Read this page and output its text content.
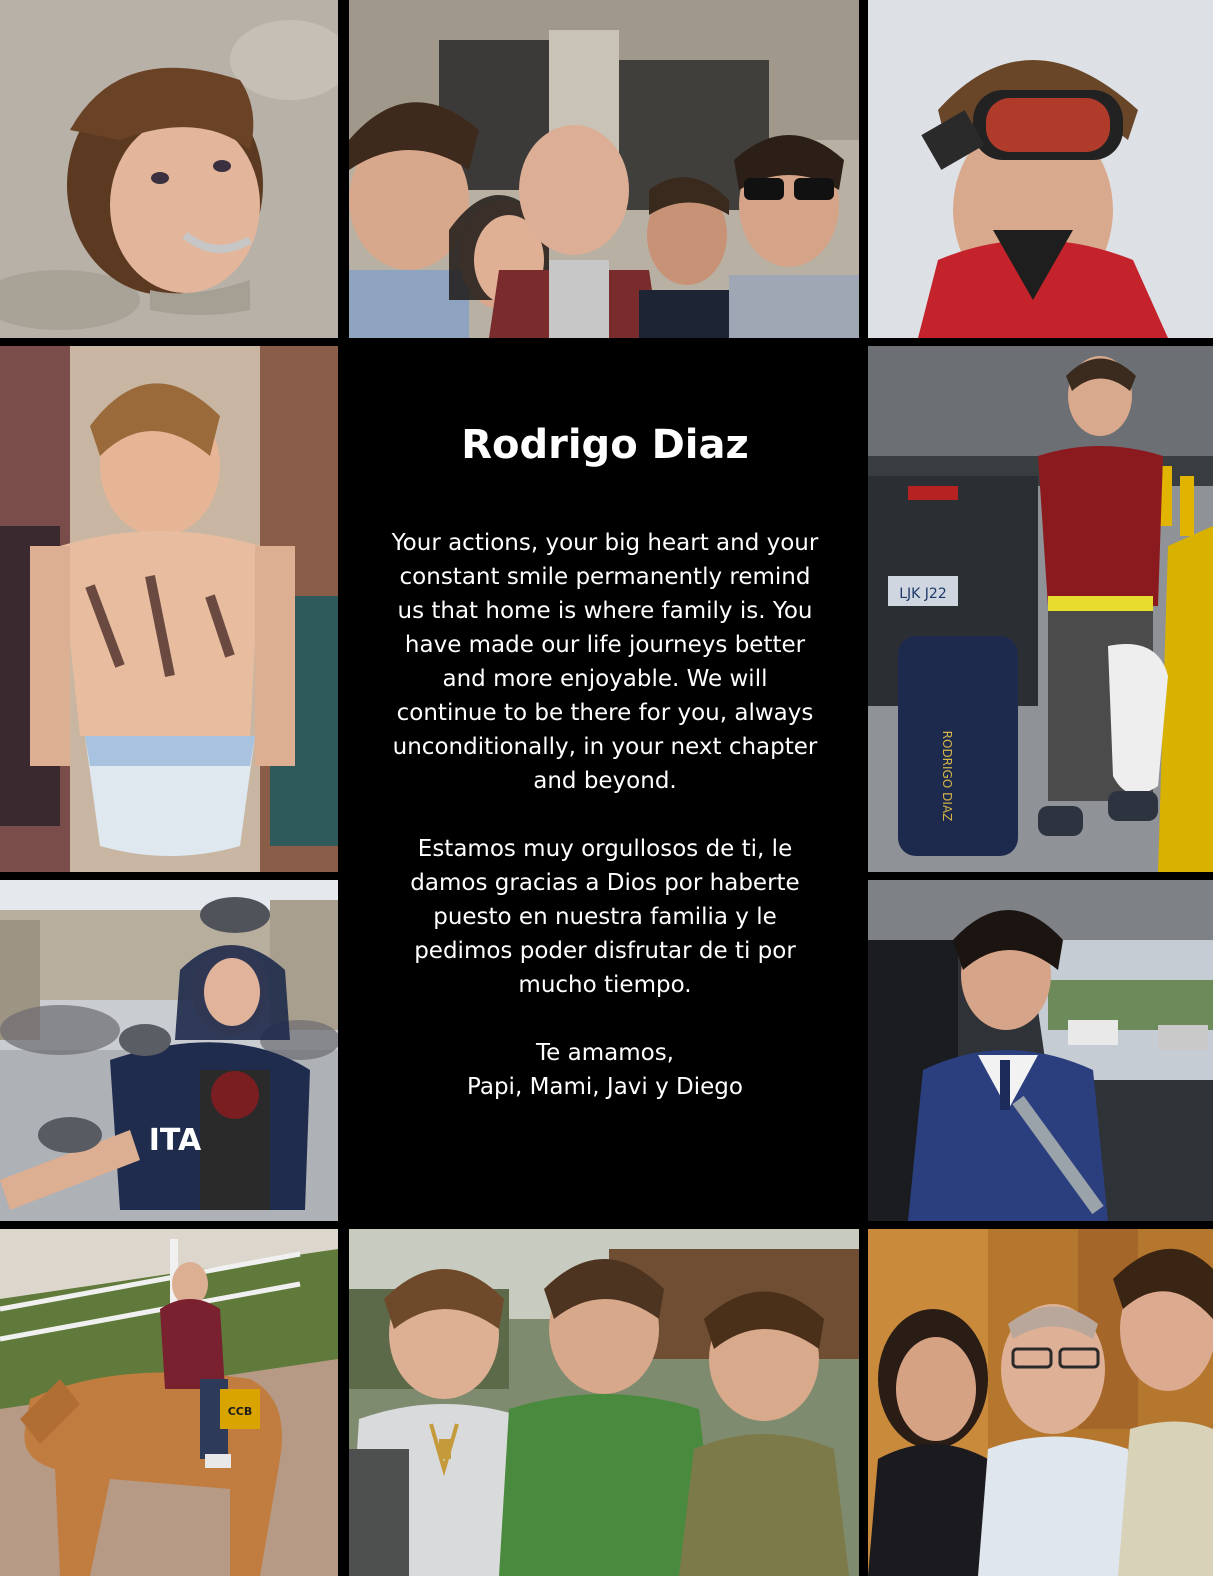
Rodrigo Diaz

Your actions, your big heart and your

constant smile permanently remind

us that home is where family is. You

have made our life journeys better

and more enjoyable. We will

continue to be there for you, always

unconditionally, in your next chapter

and beyond.

Estamos muy orgullosos de ti, le

damos gracias a Dios por haberte

puesto en nuestra familia y le

pedimos poder disfrutar de ti por

mucho tiempo.

Te amamos,

Papi, Mami, Javi y Diego

LJK J22
RODRIGO DIAZ
ITA
CCB
